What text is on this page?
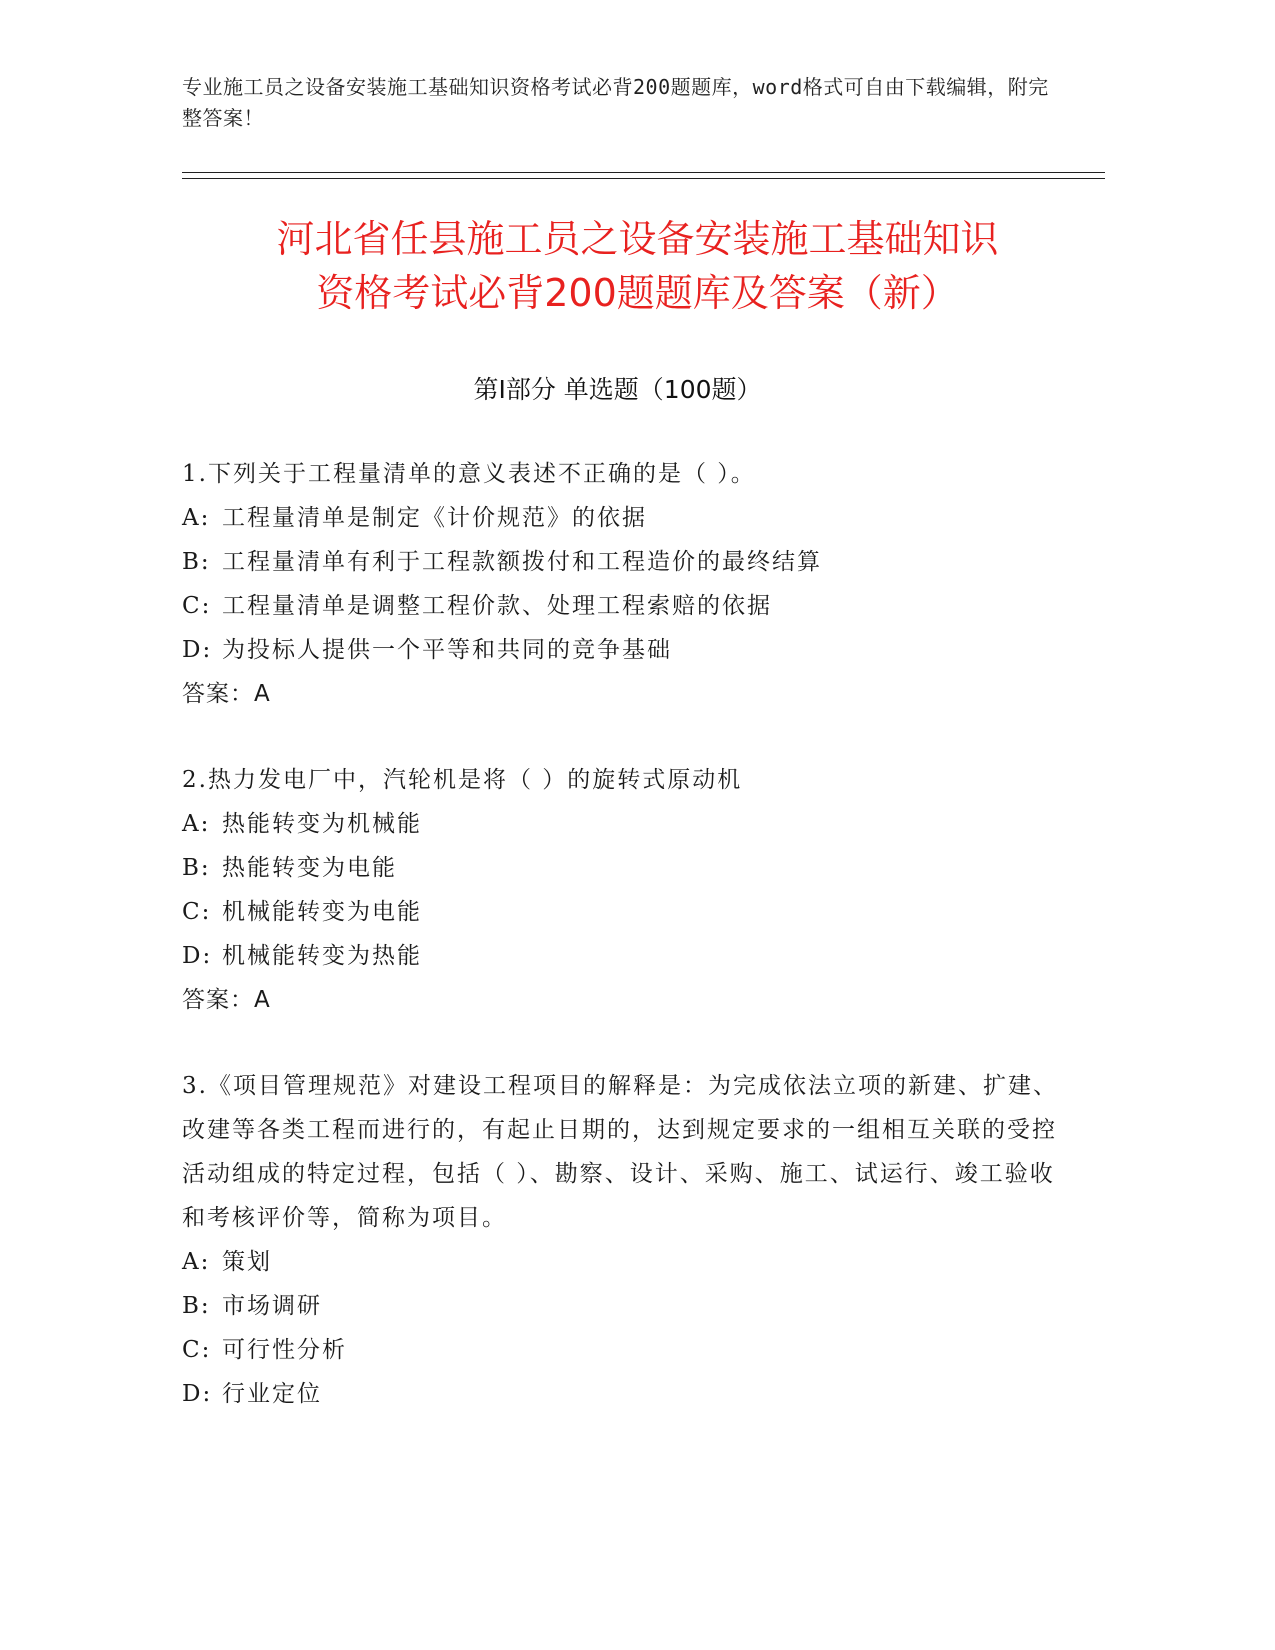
专业施工员之设备安装施工基础知识资格考试必背200题题库，word格式可自由下载编辑，附完整答案！
河北省任县施工员之设备安装施工基础知识
资格考试必背200题题库及答案（新）
第Ⅰ部分 单选题（100题）
1.下列关于工程量清单的意义表述不正确的是（ ）。
A: 工程量清单是制定《计价规范》的依据
B: 工程量清单有利于工程款额拨付和工程造价的最终结算
C: 工程量清单是调整工程价款、处理工程索赔的依据
D: 为投标人提供一个平等和共同的竞争基础
答案：A
2.热力发电厂中，汽轮机是将（ ）的旋转式原动机
A: 热能转变为机械能
B: 热能转变为电能
C: 机械能转变为电能
D: 机械能转变为热能
答案：A
3.《项目管理规范》对建设工程项目的解释是：为完成依法立项的新建、扩建、改建等各类工程而进行的，有起止日期的，达到规定要求的一组相互关联的受控活动组成的特定过程，包括（ ）、勘察、设计、采购、施工、试运行、竣工验收和考核评价等，简称为项目。
A: 策划
B: 市场调研
C: 可行性分析
D: 行业定位
